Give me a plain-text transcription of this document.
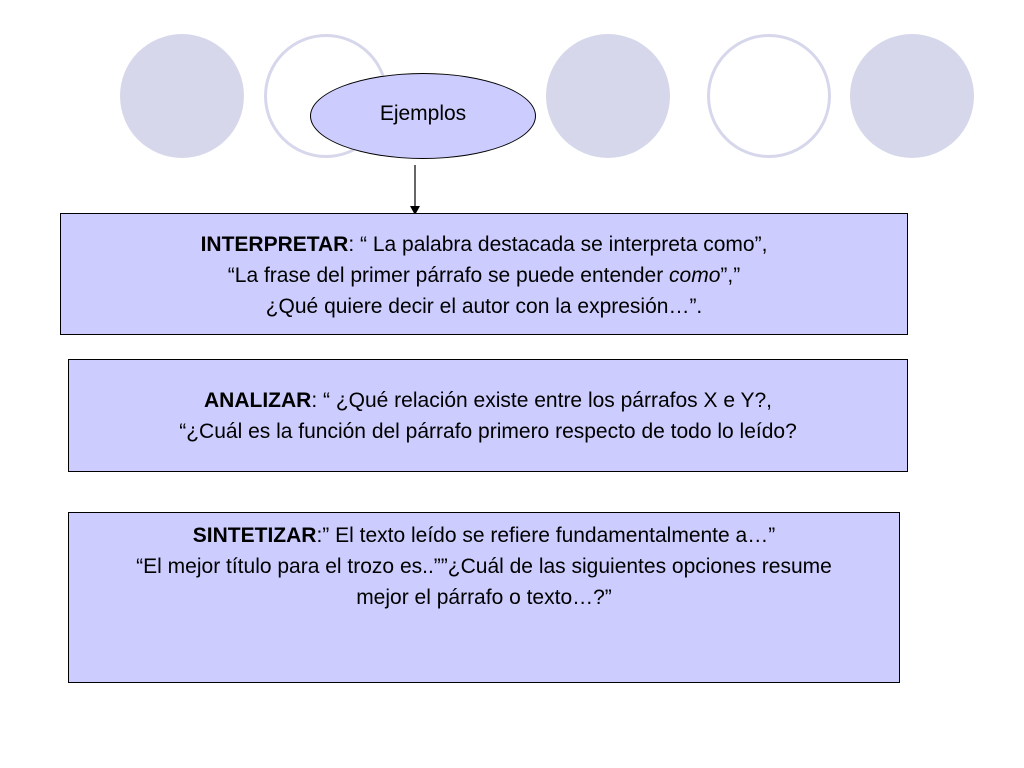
Ejemplos
INTERPRETAR: “ La palabra destacada se interpreta como”,
“La frase del primer párrafo se puede entender como”,”
¿Qué quiere decir el autor con la expresión…”.
ANALIZAR: “ ¿Qué relación existe entre los párrafos X e Y?,
“¿Cuál es la función del párrafo primero respecto de todo lo leído?
SINTETIZAR:” El texto leído se refiere fundamentalmente a…”
“El mejor título para el trozo es..””¿Cuál de las siguientes opciones resume
mejor el párrafo o texto…?”
